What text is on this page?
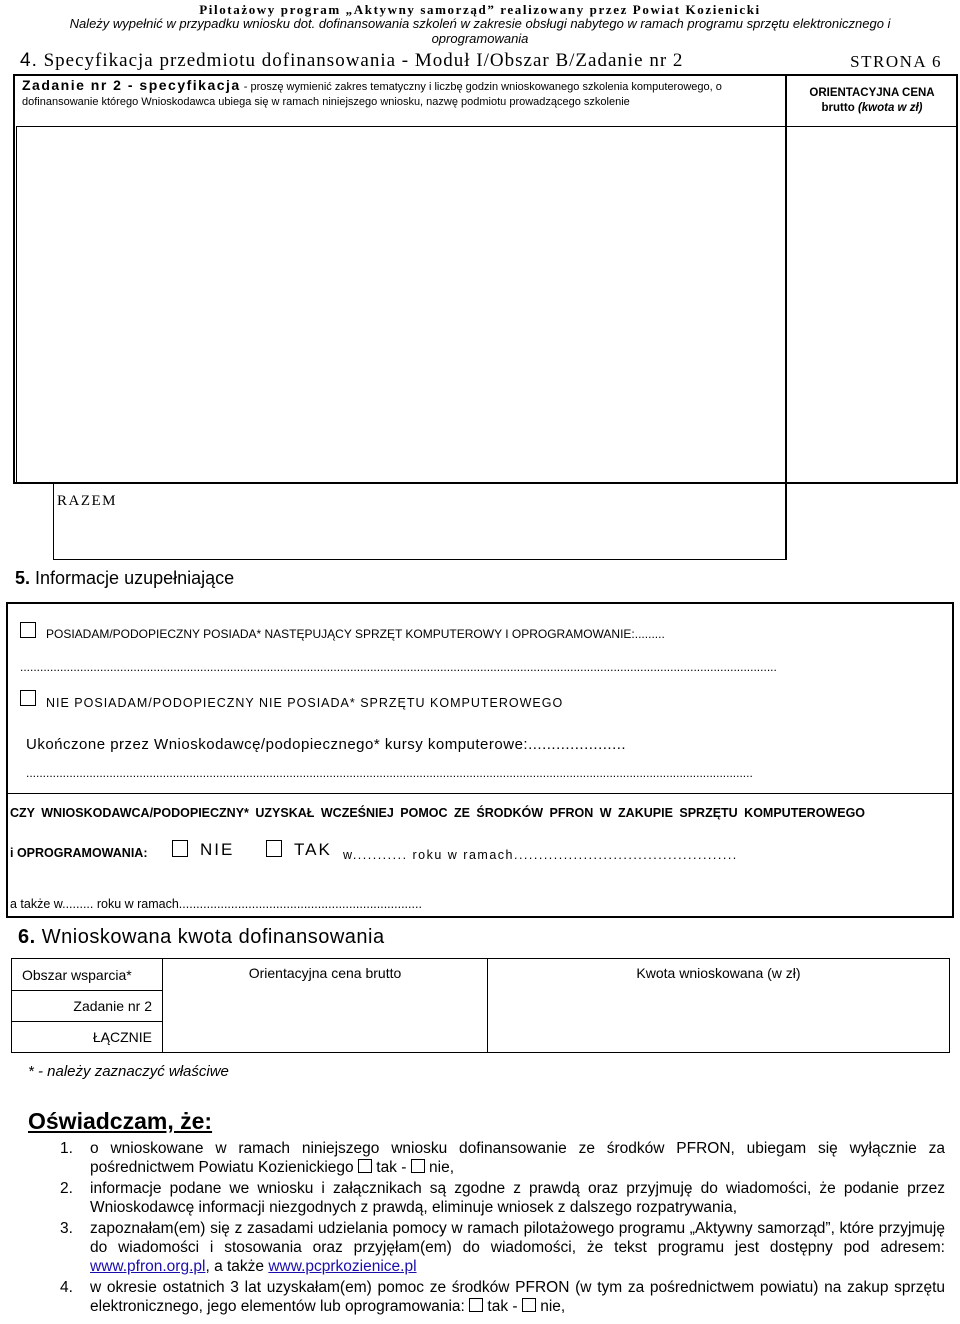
Pilotażowy program „Aktywny samorząd” realizowany przez Powiat Kozienicki
Należy wypełnić w przypadku wniosku dot. dofinansowania szkoleń w zakresie obsługi nabytego w ramach programu sprzętu elektronicznego i oprogramowania
4. Specyfikacja przedmiotu dofinansowania - Moduł I/Obszar B/Zadanie nr 2	STRONA 6
Zadanie nr 2 - specyfikacja - proszę wymienić zakres tematyczny i liczbę godzin wnioskowanego szkolenia komputerowego, o dofinansowanie którego Wnioskodawca ubiega się w ramach niniejszego wniosku, nazwę podmiotu prowadzącego szkolenie
ORIENTACYJNA CENA
brutto (kwota w zł)
RAZEM
5. Informacje uzupełniające
POSIADAM/PODOPIECZNY POSIADA* NASTĘPUJĄCY SPRZĘT KOMPUTEROWY I OPROGRAMOWANIE:.........
...................................................................................................................................................................................................................................
NIE POSIADAM/PODOPIECZNY NIE POSIADA* SPRZĘTU KOMPUTEROWEGO
Ukończone przez Wnioskodawcę/podopiecznego* kursy komputerowe:.....................
..........................................................................................................................................................................................................................
CZY WNIOSKODAWCA/PODOPIECZNY* UZYSKAŁ WCZEŚNIEJ POMOC ZE ŚRODKÓW PFRON W ZAKUPIE SPRZĘTU KOMPUTEROWEGO
i OPROGRAMOWANIA:	NIE	TAK w........... roku w ramach.............................................
a także w......... roku w ramach......................................................................
6. Wnioskowana kwota dofinansowania
Obszar wsparcia*	Orientacyjna cena brutto	Kwota wnioskowana (w zł)
Zadanie nr 2
ŁĄCZNIE
* - należy zaznaczyć właściwe
Oświadczam, że:
1. o wnioskowane w ramach niniejszego wniosku dofinansowanie ze środków PFRON, ubiegam się wyłącznie za pośrednictwem Powiatu Kozienickiego  tak -  nie,
2. informacje podane we wniosku i załącznikach są zgodne z prawdą oraz przyjmuję do wiadomości, że podanie przez Wnioskodawcę informacji niezgodnych z prawdą, eliminuje wniosek z dalszego rozpatrywania,
3. zapoznałam(em) się z zasadami udzielania pomocy w ramach pilotażowego programu „Aktywny samorząd”, które przyjmuję do wiadomości i stosowania oraz przyjęłam(em) do wiadomości, że tekst programu jest dostępny pod adresem: www.pfron.org.pl, a także www.pcprkozienice.pl
4. w okresie ostatnich 3 lat uzyskałam(em) pomoc ze środków PFRON (w tym za pośrednictwem powiatu) na zakup sprzętu elektronicznego, jego elementów lub oprogramowania:  tak -  nie,
